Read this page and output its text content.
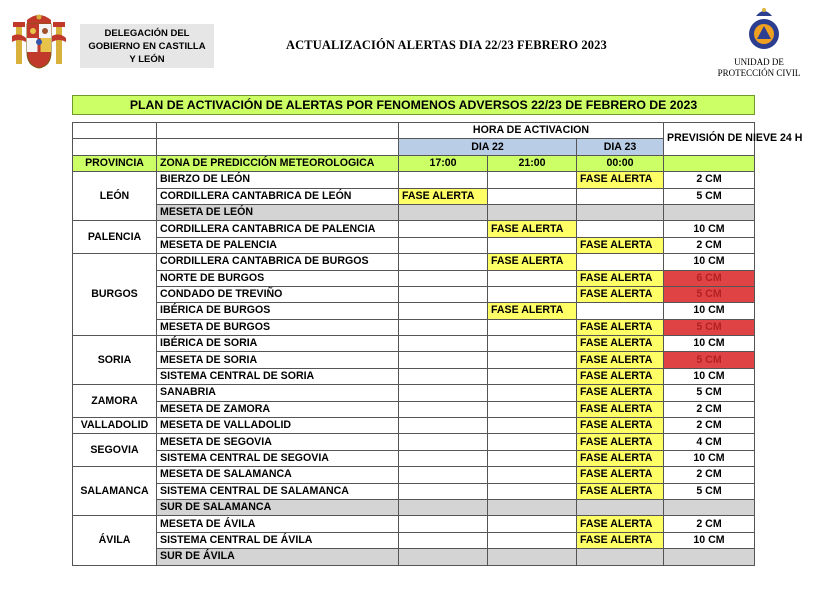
DELEGACIÓN DEL
GOBIERNO EN CASTILLA
Y LEÓN
ACTUALIZACIÓN ALERTAS DIA 22/23 FEBRERO 2023
UNIDAD DE
PROTECCIÓN CIVIL
PLAN DE ACTIVACIÓN DE ALERTAS POR FENOMENOS ADVERSOS 22/23 DE FEBRERO DE 2023
		HORA DE ACTIVACION			PREVISIÓN DE NIEVE 24 H
		DIA 22		DIA 23	
PROVINCIA	ZONA DE PREDICCIÓN METEOROLOGICA	17:00	21:00	00:00	
LEÓN	BIERZO DE LEÓN			FASE ALERTA	2 CM
	CORDILLERA CANTABRICA DE LEÓN	FASE ALERTA			5 CM
	MESETA DE LEÓN				
PALENCIA	CORDILLERA CANTABRICA DE PALENCIA		FASE ALERTA		10 CM
	MESETA DE PALENCIA			FASE ALERTA	2 CM
BURGOS	CORDILLERA CANTABRICA DE BURGOS		FASE ALERTA		10 CM
	NORTE DE BURGOS			FASE ALERTA	6 CM
	CONDADO DE TREVIÑO			FASE ALERTA	5 CM
	IBÉRICA DE BURGOS		FASE ALERTA		10 CM
	MESETA DE BURGOS			FASE ALERTA	5 CM
SORIA	IBÉRICA DE SORIA			FASE ALERTA	10 CM
	MESETA DE SORIA			FASE ALERTA	5 CM
	SISTEMA CENTRAL DE SORIA			FASE ALERTA	10 CM
ZAMORA	SANABRIA			FASE ALERTA	5 CM
	MESETA DE ZAMORA			FASE ALERTA	2 CM
VALLADOLID	MESETA DE VALLADOLID			FASE ALERTA	2 CM
SEGOVIA	MESETA DE SEGOVIA			FASE ALERTA	4 CM
	SISTEMA CENTRAL DE SEGOVIA			FASE ALERTA	10 CM
SALAMANCA	MESETA DE SALAMANCA			FASE ALERTA	2 CM
	SISTEMA CENTRAL DE SALAMANCA			FASE ALERTA	5 CM
	SUR DE SALAMANCA				
ÁVILA	MESETA DE ÁVILA			FASE ALERTA	2 CM
	SISTEMA CENTRAL DE ÁVILA			FASE ALERTA	10 CM
	SUR DE ÁVILA				
